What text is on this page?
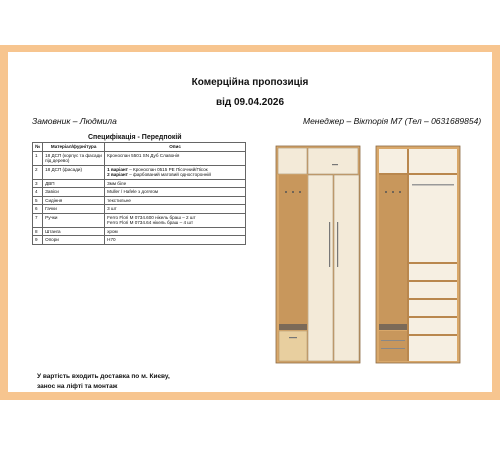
Комерційна пропозиція
від 09.04.2026
Замовник – Людмила	Менеджер – Вікторія М7 (Тел – 0631689854)
Специфікація - Передпокій
№	Матеріал/фурнітура	Опис
1	18 ДСП (корпус та фасади під дерево)	Кроноспан 5501 SN Дуб Славонія
2	18 ДСП (фасади)	1 варіант – Кроноспан 0515 PE Пісочний/Пісок
2 варіант – фарбований матовий односторонній
3	ДВП	3мм біле
4	Завіси	Muller / Hafele з догягом
5	Сидіння	текстильне
6	Гачки	3 шт
7	Ручки	Ferro Flori M 0734.600 нікель браш – 2 шт
Ferro Flori M 0734.64 нікель браш – 4 шт
8	Штанга	хром
9	Опори	H70
У вартість входить доставка по м. Києву,
занос на ліфті та монтаж
